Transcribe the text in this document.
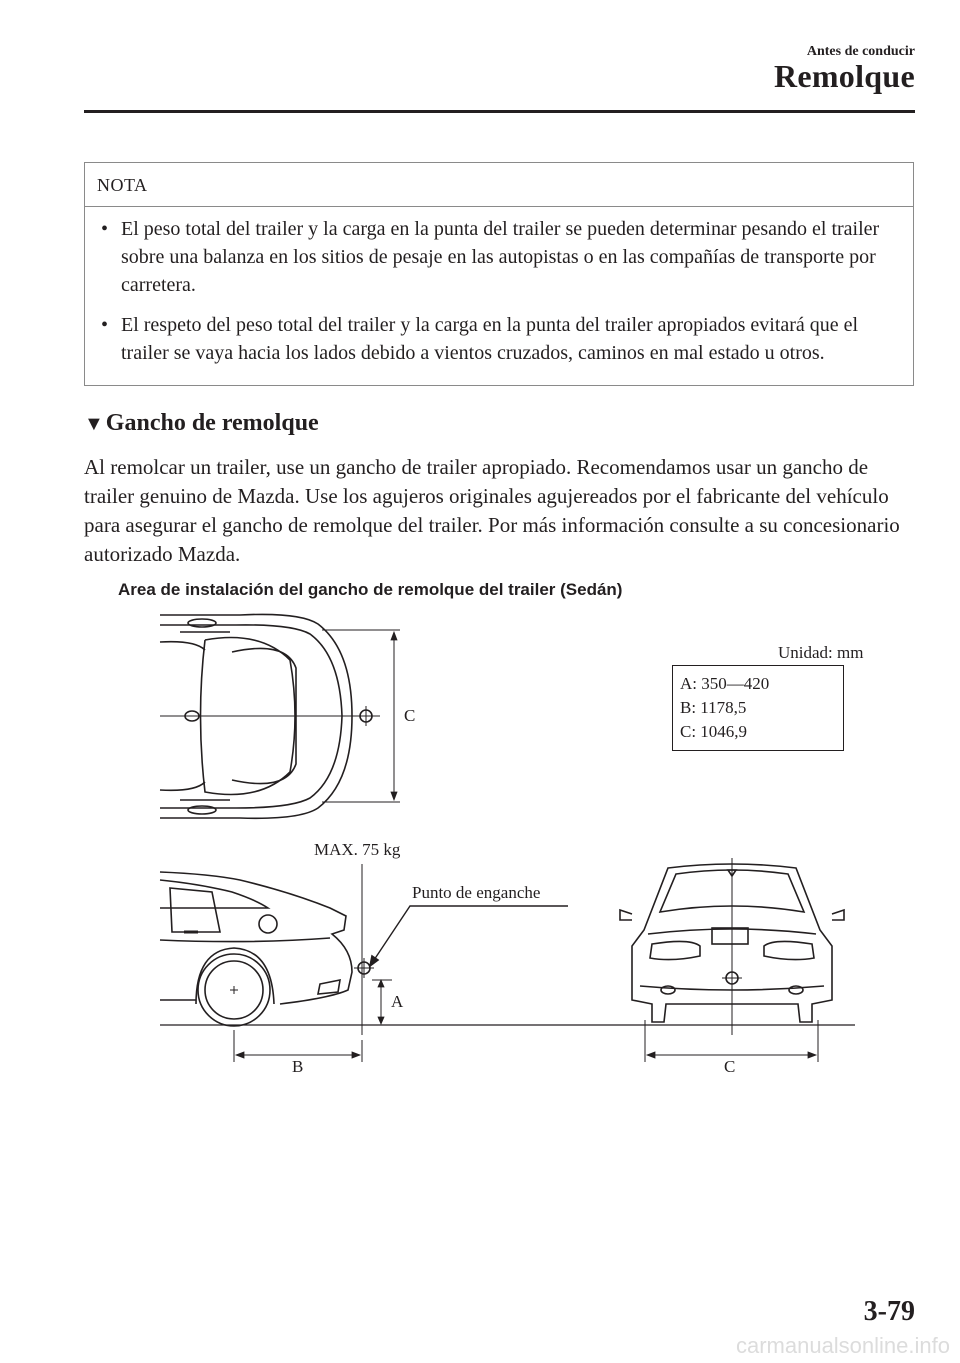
Antes de conducir
Remolque
NOTA
• El peso total del trailer y la carga en la punta del trailer se pueden determinar pesando el trailer sobre una balanza en los sitios de pesaje en las autopistas o en las compañías de transporte por carretera.
• El respeto del peso total del trailer y la carga en la punta del trailer apropiados evitará que el trailer se vaya hacia los lados debido a vientos cruzados, caminos en mal estado u otros.
▼Gancho de remolque
Al remolcar un trailer, use un gancho de trailer apropiado. Recomendamos usar un gancho de trailer genuino de Mazda. Use los agujeros originales agujereados por el fabricante del vehículo para asegurar el gancho de remolque del trailer. Por más información consulte a su concesionario autorizado Mazda.
Area de instalación del gancho de remolque del trailer (Sedán)
C
MAX. 75 kg
Punto de enganche
A
B	C
Unidad: mm
A: 350—420
B: 1178,5
C: 1046,9
3-79
carmanualsonline.info
